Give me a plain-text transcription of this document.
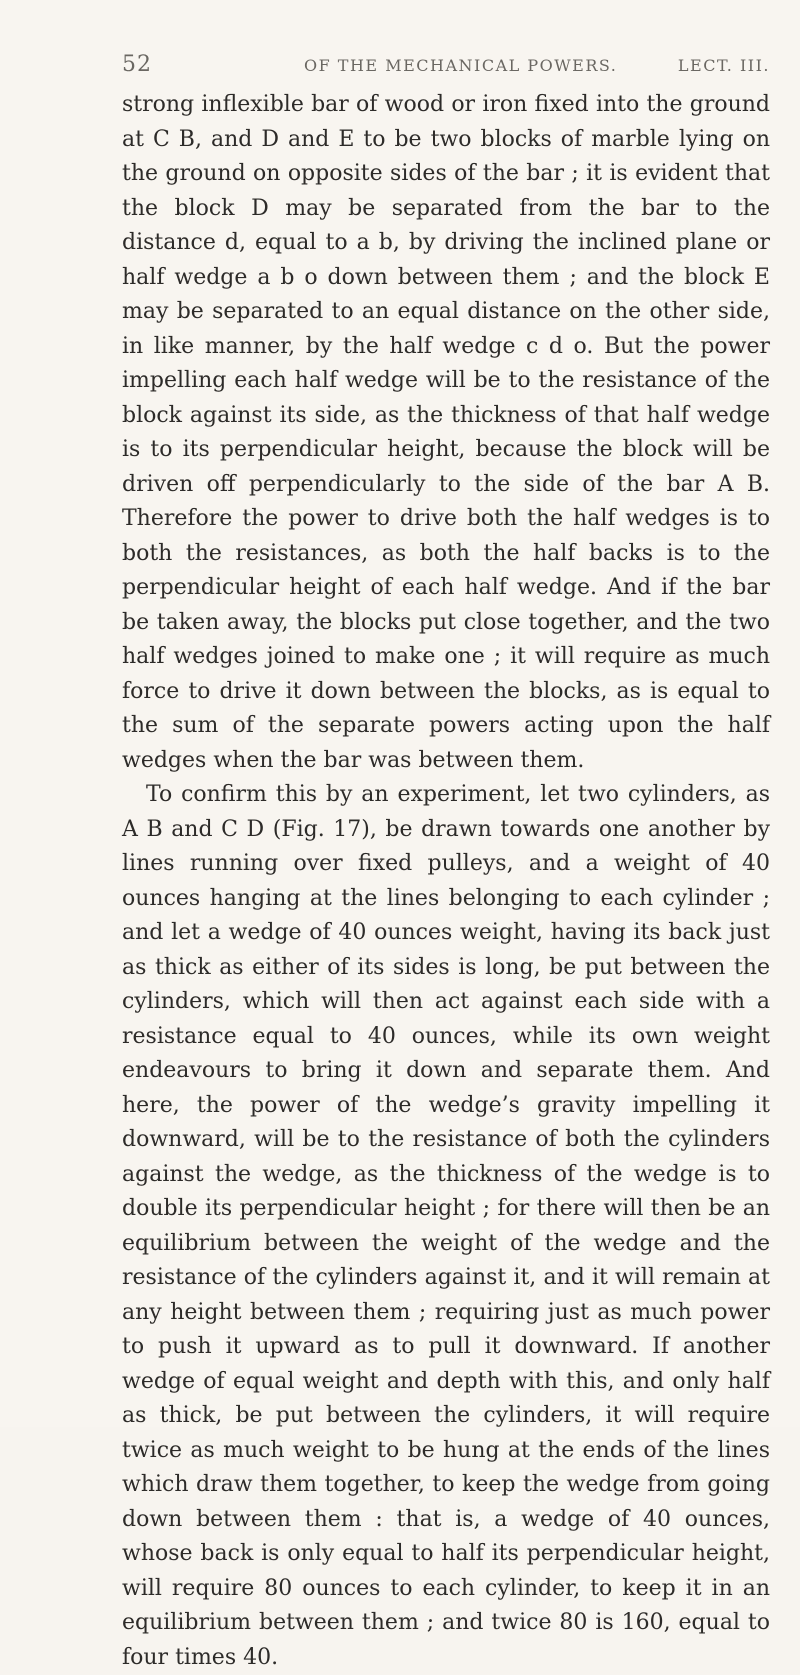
52	OF THE MECHANICAL POWERS.	LECT. III.

strong inflexible bar of wood or iron fixed into the ground at C B, and D and E to be two blocks of marble lying on the ground on opposite sides of the bar ; it is evident that the block D may be separated from the bar to the distance d, equal to a b, by driving the inclined plane or half wedge a b o down between them ; and the block E may be separated to an equal distance on the other side, in like manner, by the half wedge c d o. But the power impelling each half wedge will be to the resistance of the block against its side, as the thickness of that half wedge is to its perpendicular height, because the block will be driven off perpendicularly to the side of the bar A B. Therefore the power to drive both the half wedges is to both the resistances, as both the half backs is to the perpendicular height of each half wedge. And if the bar be taken away, the blocks put close together, and the two half wedges joined to make one ; it will require as much force to drive it down between the blocks, as is equal to the sum of the separate powers acting upon the half wedges when the bar was between them.

To confirm this by an experiment, let two cylinders, as A B and C D (Fig. 17), be drawn towards one another by lines running over fixed pulleys, and a weight of 40 ounces hanging at the lines belonging to each cylinder ; and let a wedge of 40 ounces weight, having its back just as thick as either of its sides is long, be put between the cylinders, which will then act against each side with a resistance equal to 40 ounces, while its own weight endeavours to bring it down and separate them. And here, the power of the wedge’s gravity impelling it downward, will be to the resistance of both the cylinders against the wedge, as the thickness of the wedge is to double its perpendicular height ; for there will then be an equilibrium between the weight of the wedge and the resistance of the cylinders against it, and it will remain at any height between them ; requiring just as much power to push it upward as to pull it downward. If another wedge of equal weight and depth with this, and only half as thick, be put between the cylinders, it will require twice as much weight to be hung at the ends of the lines which draw them together, to keep the wedge from going down between them : that is, a wedge of 40 ounces, whose back is only equal to half its perpendicular height, will require 80 ounces to each cylinder, to keep it in an equilibrium between them ; and twice 80 is 160, equal to four times 40.
